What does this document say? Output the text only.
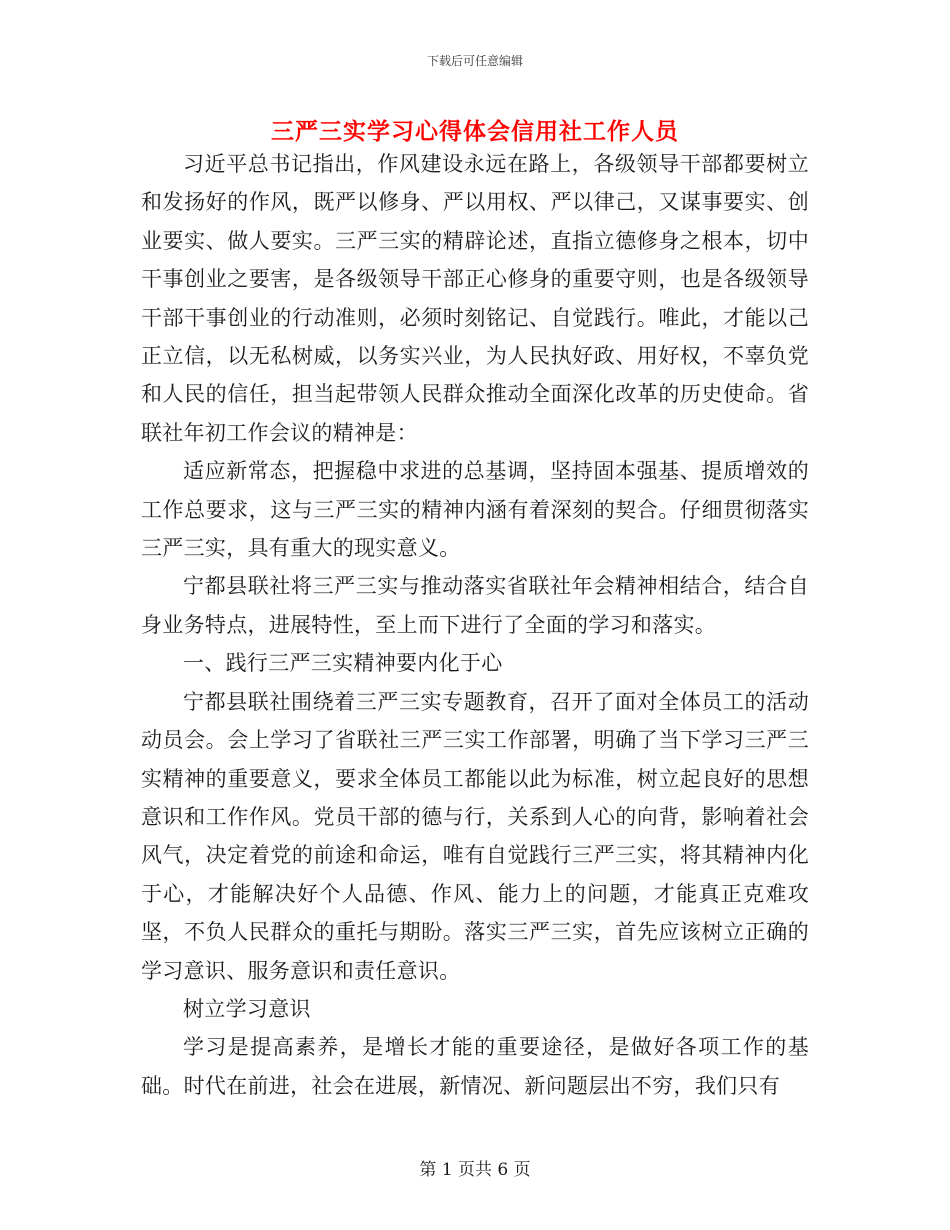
下载后可任意编辑
三严三实学习心得体会信用社工作人员

习近平总书记指出，作风建设永远在路上，各级领导干部都要树立和发扬好的作风，既严以修身、严以用权、严以律己，又谋事要实、创业要实、做人要实。三严三实的精辟论述，直指立德修身之根本，切中干事创业之要害，是各级领导干部正心修身的重要守则，也是各级领导干部干事创业的行动准则，必须时刻铭记、自觉践行。唯此，才能以己正立信，以无私树威，以务实兴业，为人民执好政、用好权，不辜负党和人民的信任，担当起带领人民群众推动全面深化改革的历史使命。省联社年初工作会议的精神是：

适应新常态，把握稳中求进的总基调，坚持固本强基、提质增效的工作总要求，这与三严三实的精神内涵有着深刻的契合。仔细贯彻落实三严三实，具有重大的现实意义。

宁都县联社将三严三实与推动落实省联社年会精神相结合，结合自身业务特点，进展特性，至上而下进行了全面的学习和落实。

一、践行三严三实精神要内化于心

宁都县联社围绕着三严三实专题教育，召开了面对全体员工的活动动员会。会上学习了省联社三严三实工作部署，明确了当下学习三严三实精神的重要意义，要求全体员工都能以此为标准，树立起良好的思想意识和工作作风。党员干部的德与行，关系到人心的向背，影响着社会风气，决定着党的前途和命运，唯有自觉践行三严三实，将其精神内化于心，才能解决好个人品德、作风、能力上的问题，才能真正克难攻坚，不负人民群众的重托与期盼。落实三严三实，首先应该树立正确的学习意识、服务意识和责任意识。

树立学习意识

学习是提高素养，是增长才能的重要途径，是做好各项工作的基础。时代在前进，社会在进展，新情况、新问题层出不穷，我们只有

第 1 页共 6 页
